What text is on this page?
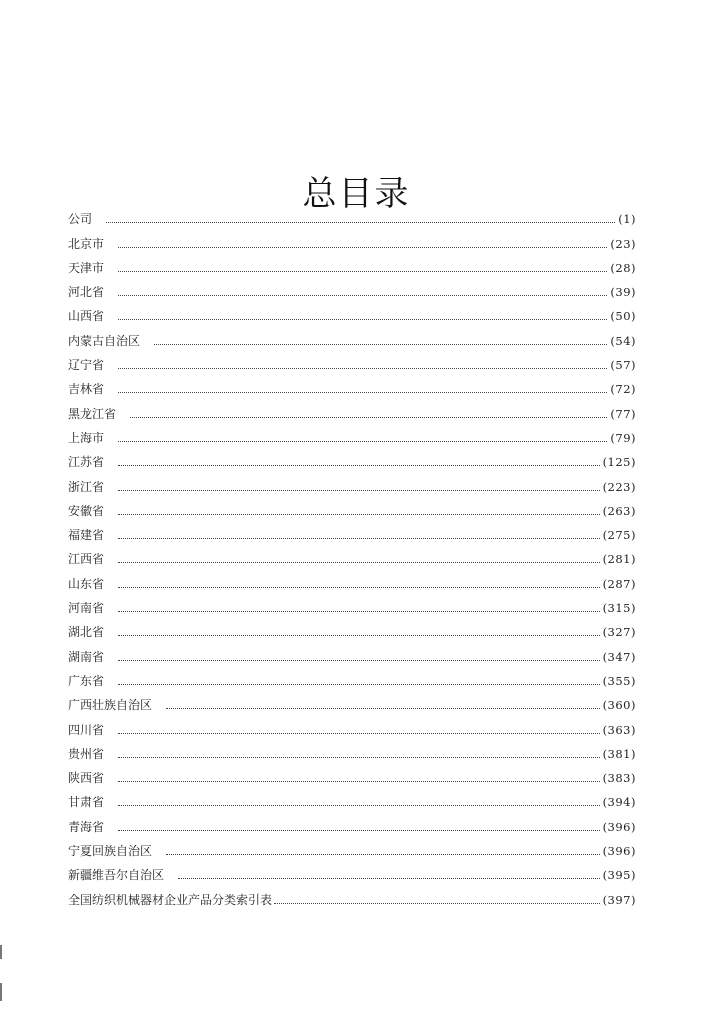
总目录
公司	(1)
北京市	(23)
天津市	(28)
河北省	(39)
山西省	(50)
内蒙古自治区	(54)
辽宁省	(57)
吉林省	(72)
黑龙江省	(77)
上海市	(79)
江苏省	(125)
浙江省	(223)
安徽省	(263)
福建省	(275)
江西省	(281)
山东省	(287)
河南省	(315)
湖北省	(327)
湖南省	(347)
广东省	(355)
广西壮族自治区	(360)
四川省	(363)
贵州省	(381)
陕西省	(383)
甘肃省	(394)
青海省	(396)
宁夏回族自治区	(396)
新疆维吾尔自治区	(395)
全国纺织机械器材企业产品分类索引表	(397)
